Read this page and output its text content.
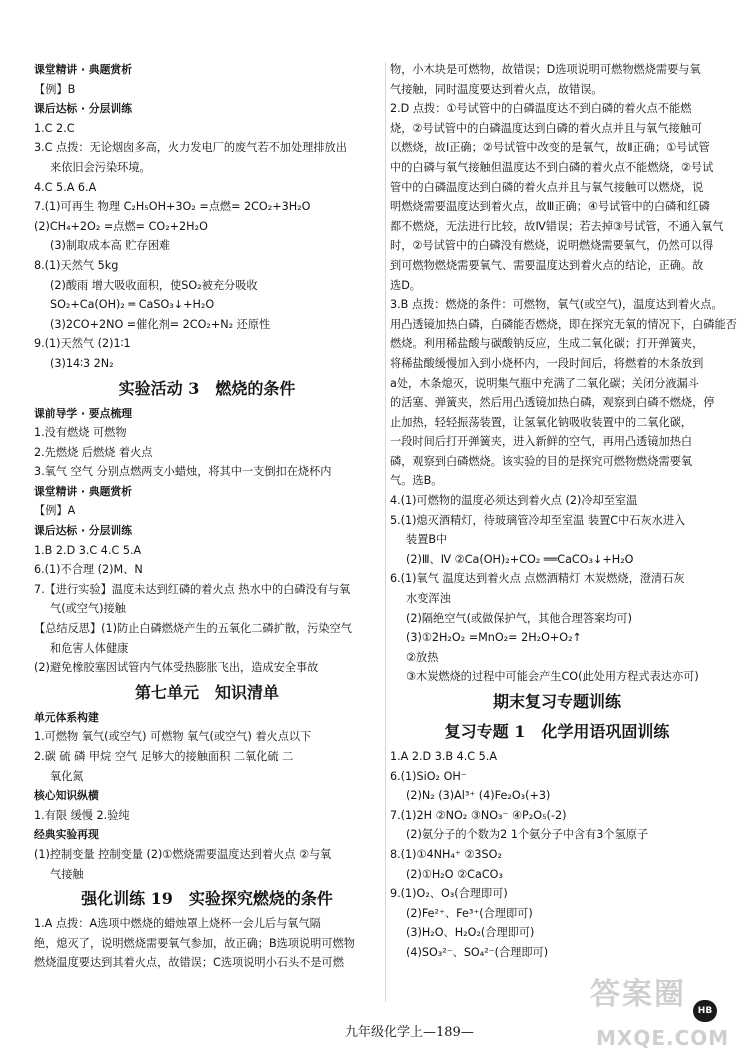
课堂精讲 · 典题赏析
【例】B
课后达标 · 分层训练
1.C 2.C
3.C 点拨：无论烟囱多高，火力发电厂的废气若不加处理排放出
来依旧会污染环境。
4.C 5.A 6.A
7.(1)可再生 物理 C₂H₅OH+3O₂ =点燃= 2CO₂+3H₂O
(2)CH₄+2O₂ =点燃= CO₂+2H₂O
(3)制取成本高 贮存困难
8.(1)天然气 5kg
(2)酸雨 增大吸收面积，使SO₂被充分吸收
SO₂+Ca(OH)₂ ═ CaSO₃↓+H₂O
(3)2CO+2NO =催化剂= 2CO₂+N₂ 还原性
9.(1)天然气 (2)1∶1
(3)14∶3 2N₂
实验活动 3　燃烧的条件
课前导学 · 要点梳理
1.没有燃烧 可燃物
2.先燃烧 后燃烧 着火点
3.氧气 空气 分别点燃两支小蜡烛，将其中一支倒扣在烧杯内
课堂精讲 · 典题赏析
【例】A
课后达标 · 分层训练
1.B 2.D 3.C 4.C 5.A
6.(1)不合理 (2)M、N
7.【进行实验】温度未达到红磷的着火点 热水中的白磷没有与氧
气(或空气)接触
【总结反思】(1)防止白磷燃烧产生的五氧化二磷扩散，污染空气
和危害人体健康
(2)避免橡胶塞因试管内气体受热膨胀飞出，造成安全事故
第七单元　知识清单
单元体系构建
1.可燃物 氧气(或空气) 可燃物 氧气(或空气) 着火点以下
2.碳 硫 磷 甲烷 空气 足够大的接触面积 二氧化硫 二
氧化氮
核心知识纵横
1.有限 缓慢 2.验纯
经典实验再现
(1)控制变量 控制变量 (2)①燃烧需要温度达到着火点 ②与氧
气接触
强化训练 19　实验探究燃烧的条件
1.A 点拨：A选项中燃烧的蜡烛罩上烧杯一会儿后与氧气隔
绝，熄灭了，说明燃烧需要氧气参加，故正确；B选项说明可燃物
燃烧温度要达到其着火点，故错误；C选项说明小石头不是可燃
物，小木块是可燃物，故错误；D选项说明可燃物燃烧需要与氧
气接触，同时温度要达到着火点，故错误。
2.D 点拨：①号试管中的白磷温度达不到白磷的着火点不能燃
烧，②号试管中的白磷温度达到白磷的着火点并且与氧气接触可
以燃烧，故Ⅰ正确；②号试管中改变的是氧气，故Ⅱ正确；①号试管
中的白磷与氧气接触但温度达不到白磷的着火点不能燃烧，②号试
管中的白磷温度达到白磷的着火点并且与氧气接触可以燃烧，说
明燃烧需要温度达到着火点，故Ⅲ正确；④号试管中的白磷和红磷
都不燃烧，无法进行比较，故Ⅳ错误；若去掉③号试管，不通入氧气
时，②号试管中的白磷没有燃烧，说明燃烧需要氧气，仍然可以得
到可燃物燃烧需要氧气、需要温度达到着火点的结论，正确。故
选D。
3.B 点拨：燃烧的条件：可燃物，氧气(或空气)，温度达到着火点。
用凸透镜加热白磷，白磷能否燃烧，即在探究无氧的情况下，白磷能否
燃烧。利用稀盐酸与碳酸钠反应，生成二氧化碳；打开弹簧夹，
将稀盐酸缓慢加入到小烧杯内，一段时间后，将燃着的木条放到
a处，木条熄灭，说明集气瓶中充满了二氧化碳；关闭分液漏斗
的活塞、弹簧夹，然后用凸透镜加热白磷，观察到白磷不燃烧，停
止加热，轻轻振荡装置，让氢氧化钠吸收装置中的二氧化碳，
一段时间后打开弹簧夹，进入新鲜的空气，再用凸透镜加热白
磷，观察到白磷燃烧。该实验的目的是探究可燃物燃烧需要氧
气。选B。
4.(1)可燃物的温度必须达到着火点 (2)冷却至室温
5.(1)熄灭酒精灯，待玻璃管冷却至室温 装置C中石灰水进入
装置B中
(2)Ⅲ、Ⅳ ②Ca(OH)₂+CO₂ ══CaCO₃↓+H₂O
6.(1)氧气 温度达到着火点 点燃酒精灯 木炭燃烧，澄清石灰
水变浑浊
(2)隔绝空气(或做保护气，其他合理答案均可)
(3)①2H₂O₂ =MnO₂= 2H₂O+O₂↑
②放热
③木炭燃烧的过程中可能会产生CO(此处用方程式表达亦可)
期末复习专题训练
复习专题 1　化学用语巩固训练
1.A 2.D 3.B 4.C 5.A
6.(1)SiO₂ OH⁻
(2)N₂ (3)Al³⁺ (4)Fe₂O₃(+3)
7.(1)2H ②NO₂ ③NO₃⁻ ④P₂O₅(-2)
(2)氨分子的个数为2 1个氨分子中含有3个氢原子
8.(1)①4NH₄⁺ ②3SO₂
(2)①H₂O ②CaCO₃
9.(1)O₂、O₃(合理即可)
(2)Fe²⁺、Fe³⁺(合理即可)
(3)H₂O、H₂O₂(合理即可)
(4)SO₃²⁻、SO₄²⁻(合理即可)
九年级化学上—189—
HB
答案圈
MXQE.COM
